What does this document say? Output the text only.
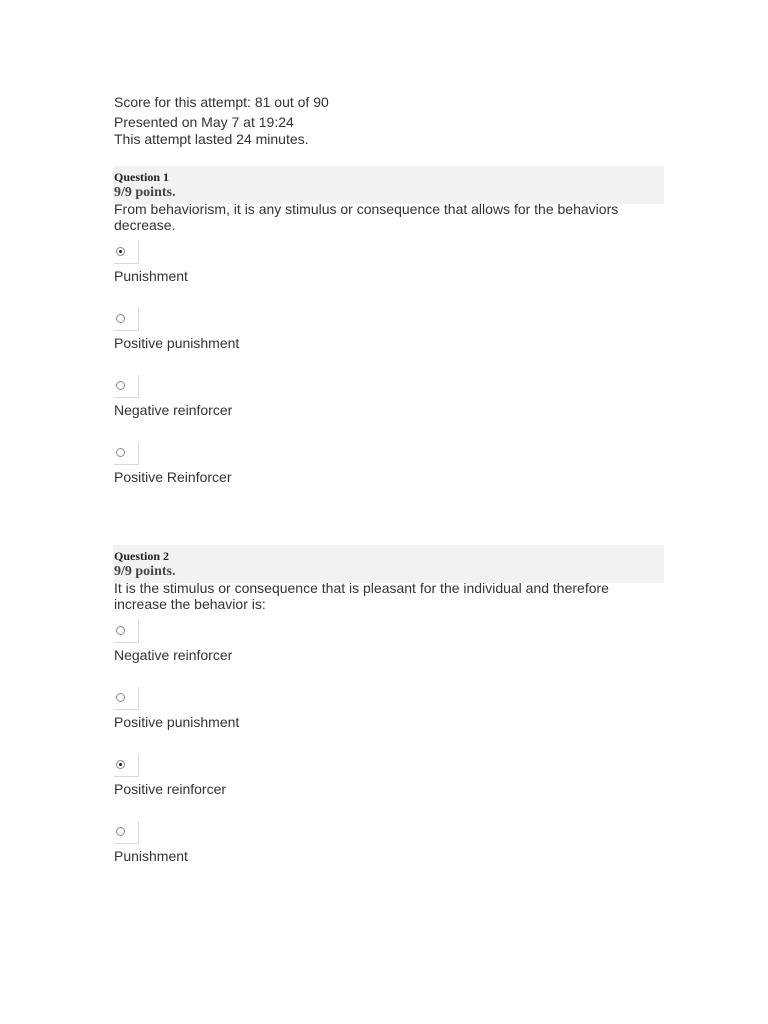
Score for this attempt: 81 out of 90

Presented on May 7 at 19:24

This attempt lasted 24 minutes.

Question 1
9/9 points.
From behaviorism, it is any stimulus or consequence that allows for the behaviors decrease.
Punishment
Positive punishment
Negative reinforcer
Positive Reinforcer
Question 2
9/9 points.
It is the stimulus or consequence that is pleasant for the individual and therefore increase the behavior is:
Negative reinforcer
Positive punishment
Positive reinforcer
Punishment
